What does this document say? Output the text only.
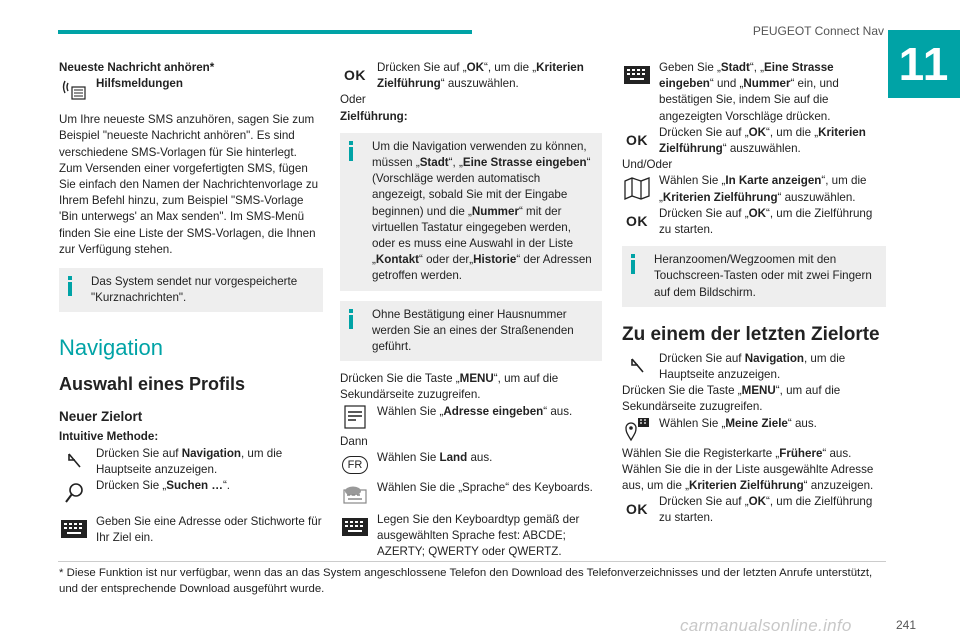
PEUGEOT Connect Nav
11
Neueste Nachricht anhören*
Hilfsmeldungen
Um Ihre neueste SMS anzuhören, sagen Sie zum Beispiel "neueste Nachricht anhören". Es sind verschiedene SMS-Vorlagen für Sie hinterlegt. Zum Versenden einer vorgefertigten SMS, fügen Sie einfach den Namen der Nachrichtenvorlage zu Ihrem Befehl hinzu, zum Beispiel "SMS-Vorlage 'Bin unterwegs' an Max senden". Im SMS-Menü finden Sie eine Liste der SMS-Vorlagen, die Ihnen zur Verfügung stehen.
Das System sendet nur vorgespeicherte "Kurznachrichten".
Navigation
Auswahl eines Profils
Neuer Zielort
Intuitive Methode:
Drücken Sie auf Navigation, um die Hauptseite anzuzeigen.
Drücken Sie „Suchen …“.
Geben Sie eine Adresse oder Stichworte für Ihr Ziel ein.
OK Drücken Sie auf „OK“, um die „Kriterien Zielführung“ auszuwählen.
Oder
Zielführung:
Um die Navigation verwenden zu können, müssen „Stadt“, „Eine Strasse eingeben“ (Vorschläge werden automatisch angezeigt, sobald Sie mit der Eingabe beginnen) und die „Nummer“ mit der virtuellen Tastatur eingegeben werden, oder es muss eine Auswahl in der Liste „Kontakt“ oder der„Historie“ der Adressen getroffen werden.
Ohne Bestätigung einer Hausnummer werden Sie an eines der Straßenenden geführt.
Drücken Sie die Taste „MENU“, um auf die Sekundärseite zuzugreifen.
Wählen Sie „Adresse eingeben“ aus.
Dann
FR
Wählen Sie Land aus.
Wählen Sie die „Sprache“ des Keyboards.
Legen Sie den Keyboardtyp gemäß der ausgewählten Sprache fest: ABCDE; AZERTY; QWERTY oder QWERTZ.
Geben Sie „Stadt“, „Eine Strasse eingeben“ und „Nummer“ ein, und bestätigen Sie, indem Sie auf die angezeigten Vorschläge drücken.
OK Drücken Sie auf „OK“, um die „Kriterien Zielführung“ auszuwählen.
Und/Oder
Wählen Sie „In Karte anzeigen“, um die „Kriterien Zielführung“ auszuwählen.
OK Drücken Sie auf „OK“, um die Zielführung zu starten.
Heranzoomen/Wegzoomen mit den Touchscreen-Tasten oder mit zwei Fingern auf dem Bildschirm.
Zu einem der letzten Zielorte
Drücken Sie auf Navigation, um die Hauptseite anzuzeigen.
Drücken Sie die Taste „MENU“, um auf die Sekundärseite zuzugreifen.
Wählen Sie „Meine Ziele“ aus.
Wählen Sie die Registerkarte „Frühere“ aus.
Wählen Sie die in der Liste ausgewählte Adresse aus, um die „Kriterien Zielführung“ anzuzeigen.
OK Drücken Sie auf „OK“, um die Zielführung zu starten.
* Diese Funktion ist nur verfügbar, wenn das an das System angeschlossene Telefon den Download des Telefonverzeichnisses und der letzten Anrufe unterstützt, und der entsprechende Download ausgeführt wurde.
carmanualsonline.info	241
